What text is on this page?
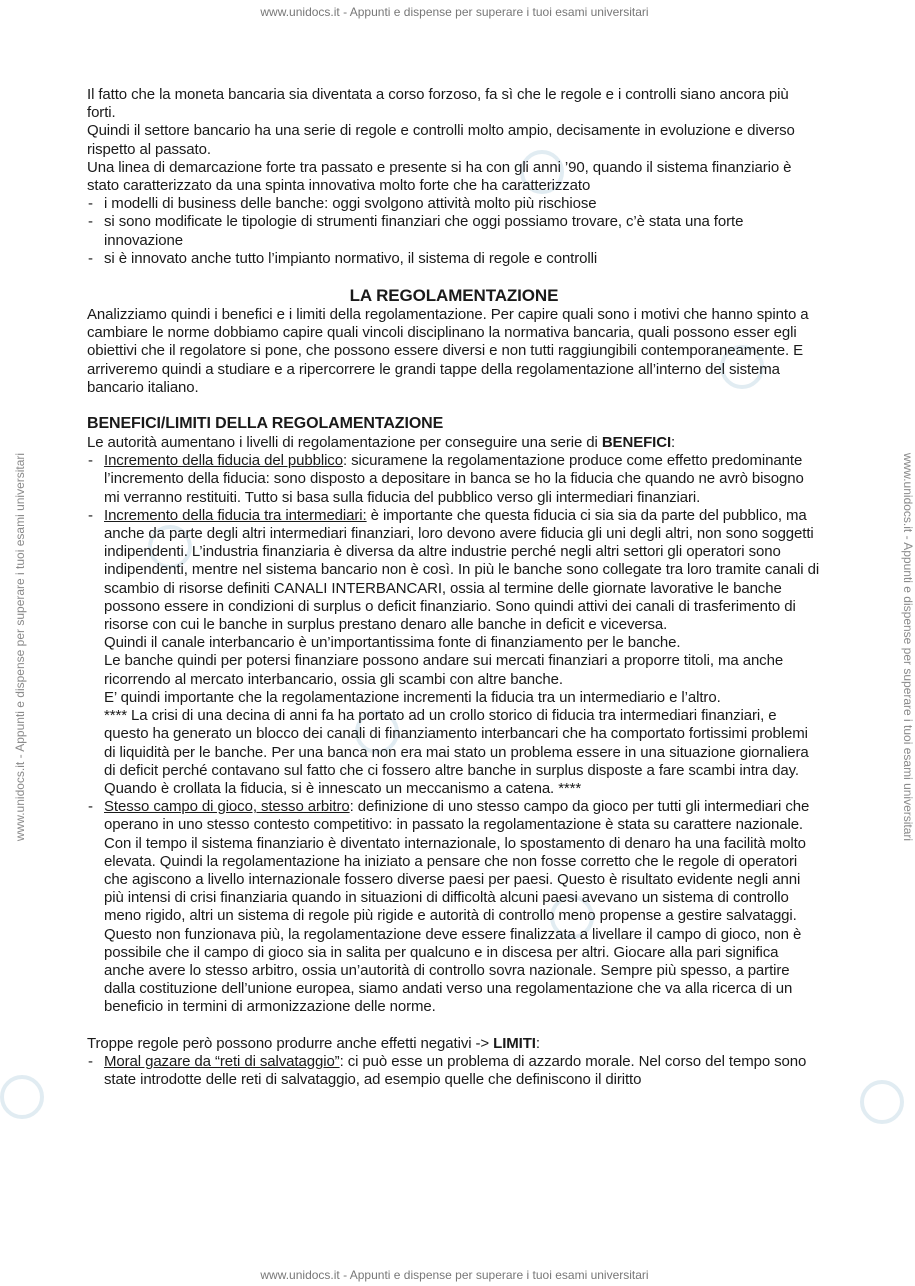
www.unidocs.it - Appunti e dispense per superare i tuoi esami universitari
www.unidocs.it - Appunti e dispense per superare i tuoi esami universitari	www.unidocs.it - Appunti e dispense per superare i tuoi esami universitari

Il fatto che la moneta bancaria sia diventata a corso forzoso, fa sì che le regole e i controlli siano ancora più forti.

Quindi il settore bancario ha una serie di regole e controlli molto ampio, decisamente in evoluzione e diverso rispetto al passato.

Una linea di demarcazione forte tra passato e presente si ha con gli anni ’90, quando il sistema finanziario è stato caratterizzato da una spinta innovativa molto forte che ha caratterizzato

- i modelli di business delle banche: oggi svolgono attività molto più rischiose
- si sono modificate le tipologie di strumenti finanziari che oggi possiamo trovare, c’è stata una forte innovazione
- si è innovato anche tutto l’impianto normativo, il sistema di regole e controlli
LA REGOLAMENTAZIONE

Analizziamo quindi i benefici e i limiti della regolamentazione. Per capire quali sono i motivi che hanno spinto a cambiare le norme dobbiamo capire quali vincoli disciplinano la normativa bancaria, quali possono esser egli obiettivi che il regolatore si pone, che possono essere diversi e non tutti raggiungibili contemporaneamente. E arriveremo quindi a studiare e a ripercorrere le grandi tappe della regolamentazione all’interno del sistema bancario italiano.

BENEFICI/LIMITI DELLA REGOLAMENTAZIONE

Le autorità aumentano i livelli di regolamentazione per conseguire una serie di BENEFICI:

- Incremento della fiducia del pubblico: sicuramene la regolamentazione produce come effetto predominante l’incremento della fiducia: sono disposto a depositare in banca se ho la fiducia che quando ne avrò bisogno mi verranno restituiti. Tutto si basa sulla fiducia del pubblico verso gli intermediari finanziari.
- Incremento della fiducia tra intermediari: è importante che questa fiducia ci sia sia da parte del pubblico, ma anche da parte degli altri intermediari finanziari, loro devono avere fiducia gli uni degli altri, non sono soggetti indipendenti. L’industria finanziaria è diversa da altre industrie perché negli altri settori gli operatori sono indipendenti, mentre nel sistema bancario non è così. In più le banche sono collegate tra loro tramite canali di scambio di risorse definiti CANALI INTERBANCARI, ossia al termine delle giornate lavorative le banche possono essere in condizioni di surplus o deficit finanziario. Sono quindi attivi dei canali di trasferimento di risorse con cui le banche in surplus prestano denaro alle banche in deficit e viceversa.

Quindi il canale interbancario è un’importantissima fonte di finanziamento per le banche.

Le banche quindi per potersi finanziare possono andare sui mercati finanziari a proporre titoli, ma anche ricorrendo al mercato interbancario, ossia gli scambi con altre banche.

E’ quindi importante che la regolamentazione incrementi la fiducia tra un intermediario e l’altro.

**** La crisi di una decina di anni fa ha portato ad un crollo storico di fiducia tra intermediari finanziari, e questo ha generato un blocco dei canali di finanziamento interbancari che ha comportato fortissimi problemi di liquidità per le banche. Per una banca non era mai stato un problema essere in una situazione giornaliera di deficit perché contavano sul fatto che ci fossero altre banche in surplus disposte a fare scambi intra day. Quando è crollata la fiducia, si è innescato un meccanismo a catena. ****

- Stesso campo di gioco, stesso arbitro: definizione di uno stesso campo da gioco per tutti gli intermediari che operano in uno stesso contesto competitivo: in passato la regolamentazione è stata su carattere nazionale. Con il tempo il sistema finanziario è diventato internazionale, lo spostamento di denaro ha una facilità molto elevata. Quindi la regolamentazione ha iniziato a pensare che non fosse corretto che le regole di operatori che agiscono a livello internazionale fossero diverse paesi per paesi. Questo è risultato evidente negli anni più intensi di crisi finanziaria quando in situazioni di difficoltà alcuni paesi avevano un sistema di controllo meno rigido, altri un sistema di regole più rigide e autorità di controllo meno propense a gestire salvataggi. Questo non funzionava più, la regolamentazione deve essere finalizzata a livellare il campo di gioco, non è possibile che il campo di gioco sia in salita per qualcuno e in discesa per altri. Giocare alla pari significa anche avere lo stesso arbitro, ossia un’autorità di controllo sovra nazionale. Sempre più spesso, a partire dalla costituzione dell’unione europea, siamo andati verso una regolamentazione che va alla ricerca di un beneficio in termini di armonizzazione delle norme.

Troppe regole però possono produrre anche effetti negativi -> LIMITI:

- Moral gazare da “reti di salvataggio”: ci può esse un problema di azzardo morale. Nel corso del tempo sono state introdotte delle reti di salvataggio, ad esempio quelle che definiscono il diritto
www.unidocs.it - Appunti e dispense per superare i tuoi esami universitari
